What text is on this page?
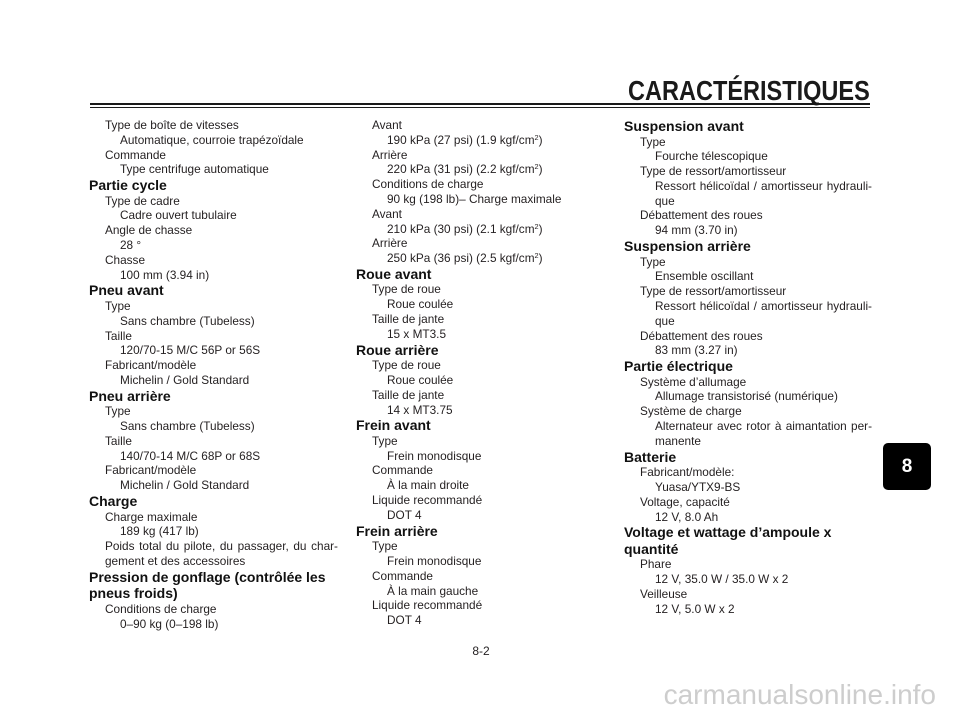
CARACTÉRISTIQUES
Type de boîte de vitesses
Automatique, courroie trapézoïdale
Commande
Type centrifuge automatique
Partie cycle
Type de cadre
Cadre ouvert tubulaire
Angle de chasse
28 °
Chasse
100 mm (3.94 in)
Pneu avant
Type
Sans chambre (Tubeless)
Taille
120/70-15 M/C 56P or 56S
Fabricant/modèle
Michelin / Gold Standard
Pneu arrière
Type
Sans chambre (Tubeless)
Taille
140/70-14 M/C 68P or 68S
Fabricant/modèle
Michelin / Gold Standard
Charge
Charge maximale
189 kg (417 lb)
Poids total du pilote, du passager, du char-
gement et des accessoires
Pression de gonflage (contrôlée les
pneus froids)
Conditions de charge
0–90 kg (0–198 lb)
Avant
190 kPa (27 psi) (1.9 kgf/$cm^2$)
Arrière
220 kPa (31 psi) (2.2 kgf/$cm^2$)
Conditions de charge
90 kg (198 lb)– Charge maximale
Avant
210 kPa (30 psi) (2.1 kgf/$cm^2$)
Arrière
250 kPa (36 psi) (2.5 kgf/$cm^2$)
Roue avant
Type de roue
Roue coulée
Taille de jante
15 x MT3.5
Roue arrière
Type de roue
Roue coulée
Taille de jante
14 x MT3.75
Frein avant
Type
Frein monodisque
Commande
À la main droite
Liquide recommandé
DOT 4
Frein arrière
Type
Frein monodisque
Commande
À la main gauche
Liquide recommandé
DOT 4
Suspension avant
Type
Fourche télescopique
Type de ressort/amortisseur
Ressort hélicoïdal / amortisseur hydrauli-
que
Débattement des roues
94 mm (3.70 in)
Suspension arrière
Type
Ensemble oscillant
Type de ressort/amortisseur
Ressort hélicoïdal / amortisseur hydrauli-
que
Débattement des roues
83 mm (3.27 in)
Partie électrique
Système d’allumage
Allumage transistorisé (numérique)
Système de charge
Alternateur avec rotor à aimantation per-
manente
Batterie
Fabricant/modèle:
Yuasa/YTX9-BS
Voltage, capacité
12 V, 8.0 Ah
Voltage et wattage d’ampoule x
quantité
Phare
12 V, 35.0 W / 35.0 W x 2
Veilleuse
12 V, 5.0 W x 2
8-2
8
carmanualsonline.info
